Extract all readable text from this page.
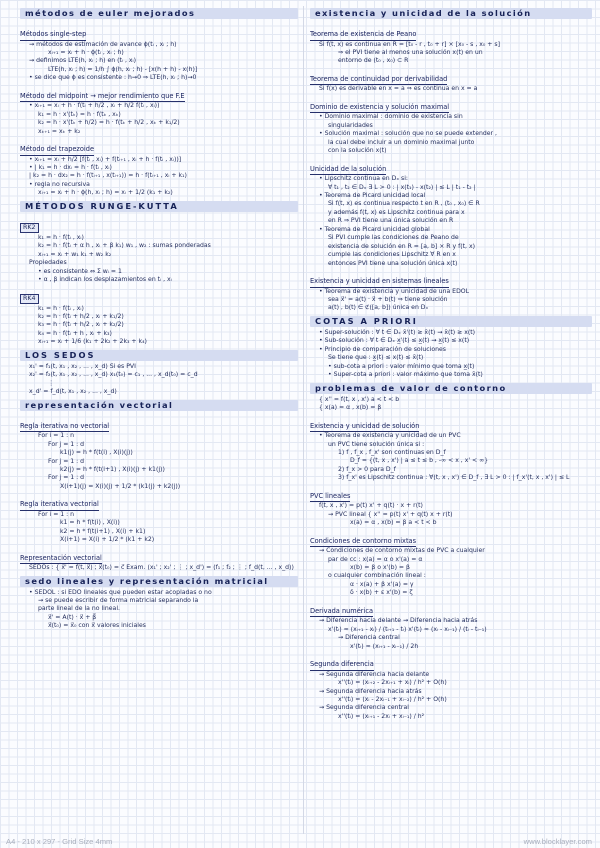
métodos de euler mejorados
Métodos single-step
→ métodos de estimación de avance ϕ(tᵢ , xᵢ ; h)
xᵢ₊₁ = xᵢ + h · ϕ(tᵢ , xᵢ ; h)
→ definimos LTE(h, xᵢ ; h) en (tᵢ , xᵢ)
LTE(h, xᵢ ; h) = 1/h ∫ ϕ(h, xᵢ ; h) - [x(h + h) - x(h)]
• se dice que ϕ es consistente : h→0 ⇒ LTE(h, xᵢ ; h)→0
Método del midpoint → mejor rendimiento que F.E
• xᵢ₊₁ = xᵢ + h · f(tᵢ + h/2 , xᵢ + h/2 f(tᵢ , xᵢ))
k₁ = h · x'(tₖ) = h · f(tₖ , xₖ)
k₂ = h · x'(tₖ + h/2) = h · f(tₖ + h/2 , xₖ + k₁/2)
xₖ₊₁ = xₖ + k₂
Método del trapezoide
• xᵢ₊₁ = xᵢ + h/2 [f(tᵢ , xᵢ) + f(tᵢ₊₁ , xᵢ + h · f(tᵢ , xᵢ))]
• | k₁ = h · dxᵢ = h · f(tᵢ , xᵢ)
| k₂ = h · dx₂ = h · f(tᵢ₊₁ , x(tᵢ₊₁)) = h · f(tᵢ₊₁ , xᵢ + k₁)
• regla no recursiva
xᵢ₊₁ = xᵢ + h · ϕ(h, xᵢ ; h) = xᵢ + 1/2 (k₁ + k₂)
MÉTODOS RUNGE-KUTTA
RK2
k₁ = h · f(tᵢ , xᵢ)
k₂ = h · f(tᵢ + α h , xᵢ + β k₁) w₁ , w₂ : sumas ponderadas
xᵢ₊₁ = xᵢ + w₁ k₁ + w₂ k₂
Propiedades
• es consistente ⇔ Σ wᵢ = 1
• α , β indican los desplazamientos en tᵢ , xᵢ
RK4
k₁ = h · f(tᵢ , xᵢ)
k₂ = h · f(tᵢ + h/2 , xᵢ + k₁/2)
k₃ = h · f(tᵢ + h/2 , xᵢ + k₂/2)
k₄ = h · f(tᵢ + h , xᵢ + k₃)
xᵢ₊₁ = xᵢ + 1/6 (k₁ + 2k₂ + 2k₃ + k₄)
LOS SEDOS
x₁' = f₁(t, x₁ , x₂ , ... , x_d) Si es PVI
x₂' = f₂(t, x₁ , x₂ , ... , x_d) x₁(t₀) = c₁ , ... , x_d(t₀) = c_d
⋮
x_d' = f_d(t, x₁ , x₂ , ... , x_d)
representación vectorial
Regla iterativa no vectorial
For i = 1 : n
For j = 1 : d
k1(j) = h * f(t(i) , X(i)(j))
For j = 1 : d
k2(j) = h * f(t(i+1) , X(i)(j) + k1(j))
For j = 1 : d
X(i+1)(j) = X(i)(j) + 1/2 * (k1(j) + k2(j))
Regla iterativa vectorial
For i = 1 : n
k1 = h * f(t(i) , X(i))
k2 = h * f(t(i+1) , X(i) + k1)
X(i+1) = X(i) + 1/2 * (k1 + k2)
Representación vectorial
SEDOs : { x⃗' = f⃗(t, x⃗) ; x⃗(t₀) = c⃗ Exam. (x₁' ; x₂' ; ⋮ ; x_d') = (f₁ ; f₂ ; ⋮ ; f_d(t, ... , x_d))
sedo lineales y representación matricial
• SEDOL : si EDO lineales que pueden estar acopladas o no
→ se puede escribir de forma matricial separando la
parte lineal de la no lineal.
x⃗' = A(t) · x⃗ + β⃗
x⃗(t₀) = x⃗₀ con x⃗ valores iniciales
existencia y unicidad de la solución
Teorema de existencia de Peano
Si f(t, x) es continua en R = [t₀ - r , t₀ + r] × [x₀ - s , x₀ + s]
⇒ el PVI tiene al menos una solución x(t) en un
entorno de (t₀ , x₀) ⊂ R
Teorema de continuidad por derivabilidad
Si f(x) es derivable en x = a ⇒ es continua en x = a
Dominio de existencia y solución maximal
• Dominio maximal : dominio de existencia sin
singularidades
• Solución maximal : solución que no se puede extender ,
la cual debe incluir a un dominio maximal junto
con la solución x(t)
Unicidad de la solución
• Lipschitz continua en Dₓ si:
∀ t₁ , t₂ ∈ Dₓ ∃ L > 0 : | x(t₁) - x(t₂) | ≤ L | t₁ - t₂ |
• Teorema de Picard unicidad local
Si f(t, x) es continua respecto t en R , (t₀ , x₀) ∈ R
y además f(t, x) es Lipschitz continua para x
en R ⇒ PVI tiene una única solución en R
• Teorema de Picard unicidad global
Si PVI cumple las condiciones de Peano de
existencia de solución en R = [a, b] × R y f(t, x)
cumple las condiciones Lipschitz ∀ R en x
entonces PVI tiene una solución única x(t)
Existencia y unicidad en sistemas lineales
• Teorema de existencia y unicidad de una EDOL
sea x⃗' = a(t) · x⃗ + b(t) ⇒ tiene solución
a(t) , b(t) ∈ ℭ([a, b]) única en Dₓ
COTAS A PRIORI
• Super-solución : ∀ t ∈ Dₓ x̄'(t) ≥ x̄(t) → x̄(t) ≥ x(t)
• Sub-solución : ∀ t ∈ Dₓ x̲'(t) ≤ x̲(t) → x̲(t) ≤ x(t)
• Principio de comparación de soluciones
Se tiene que : x̲(t) ≤ x(t) ≤ x̄(t)
• sub-cota a priori : valor mínimo que toma x̲(t)
• Super-cota a priori : valor máximo que toma x̄(t)
problemas de valor de contorno
{ x'' = f(t, x , x') a < t < b
{ x(a) = α , x(b) = β
Existencia y unicidad de solución
• Teorema de existencia y unicidad de un PVC
un PVC tiene solución única si :
1) f , f_x , f_x' son continuas en D_f
D_f = {(t, x , x') | a ≤ t ≤ b , -∞ < x , x' < ∞}
2) f_x > 0 para D_f
3) f_x' es Lipschitz continua : ∀(t, x , x') ∈ D_f , ∃ L > 0 : | f_x'(t, x , x') | ≤ L
PVC lineales
f(t, x , x') = p(t) x' + q(t) · x + r(t)
→ PVC lineal { x'' = p(t) x' + q(t) x + r(t)
x(a) = α , x(b) = β a < t < b
Condiciones de contorno mixtas
→ Condiciones de contorno mixtas de PVC a cualquier
par de cc : x(a) = α o x'(a) = α
x(b) = β o x'(b) = β
o cualquier combinación lineal :
α · x(a) + β x'(a) = γ
δ · x(b) + ε x'(b) = ζ
Derivada numérica
→ Diferencia hacia delante → Diferencia hacia atrás
x'(tᵢ) ≈ (xᵢ₊₁ - xᵢ) / (tᵢ₊₁ - tᵢ) x'(tᵢ) ≈ (xᵢ - xᵢ₋₁) / (tᵢ - tᵢ₋₁)
→ Diferencia central
x'(tᵢ) ≈ (xᵢ₊₁ - xᵢ₋₁) / 2h
Segunda diferencia
→ Segunda diferencia hacia delante
x''(tᵢ) = (xᵢ₊₂ - 2xᵢ₊₁ + xᵢ) / h² + O(h)
→ Segunda diferencia hacia atrás
x''(tᵢ) = (xᵢ - 2xᵢ₋₁ + xᵢ₋₂) / h² + O(h)
→ Segunda diferencia central
x''(tᵢ) = (xᵢ₊₁ - 2xᵢ + xᵢ₋₁) / h²
A4 - 210 x 297 - Grid Size 4mm	www.blocklayer.com
